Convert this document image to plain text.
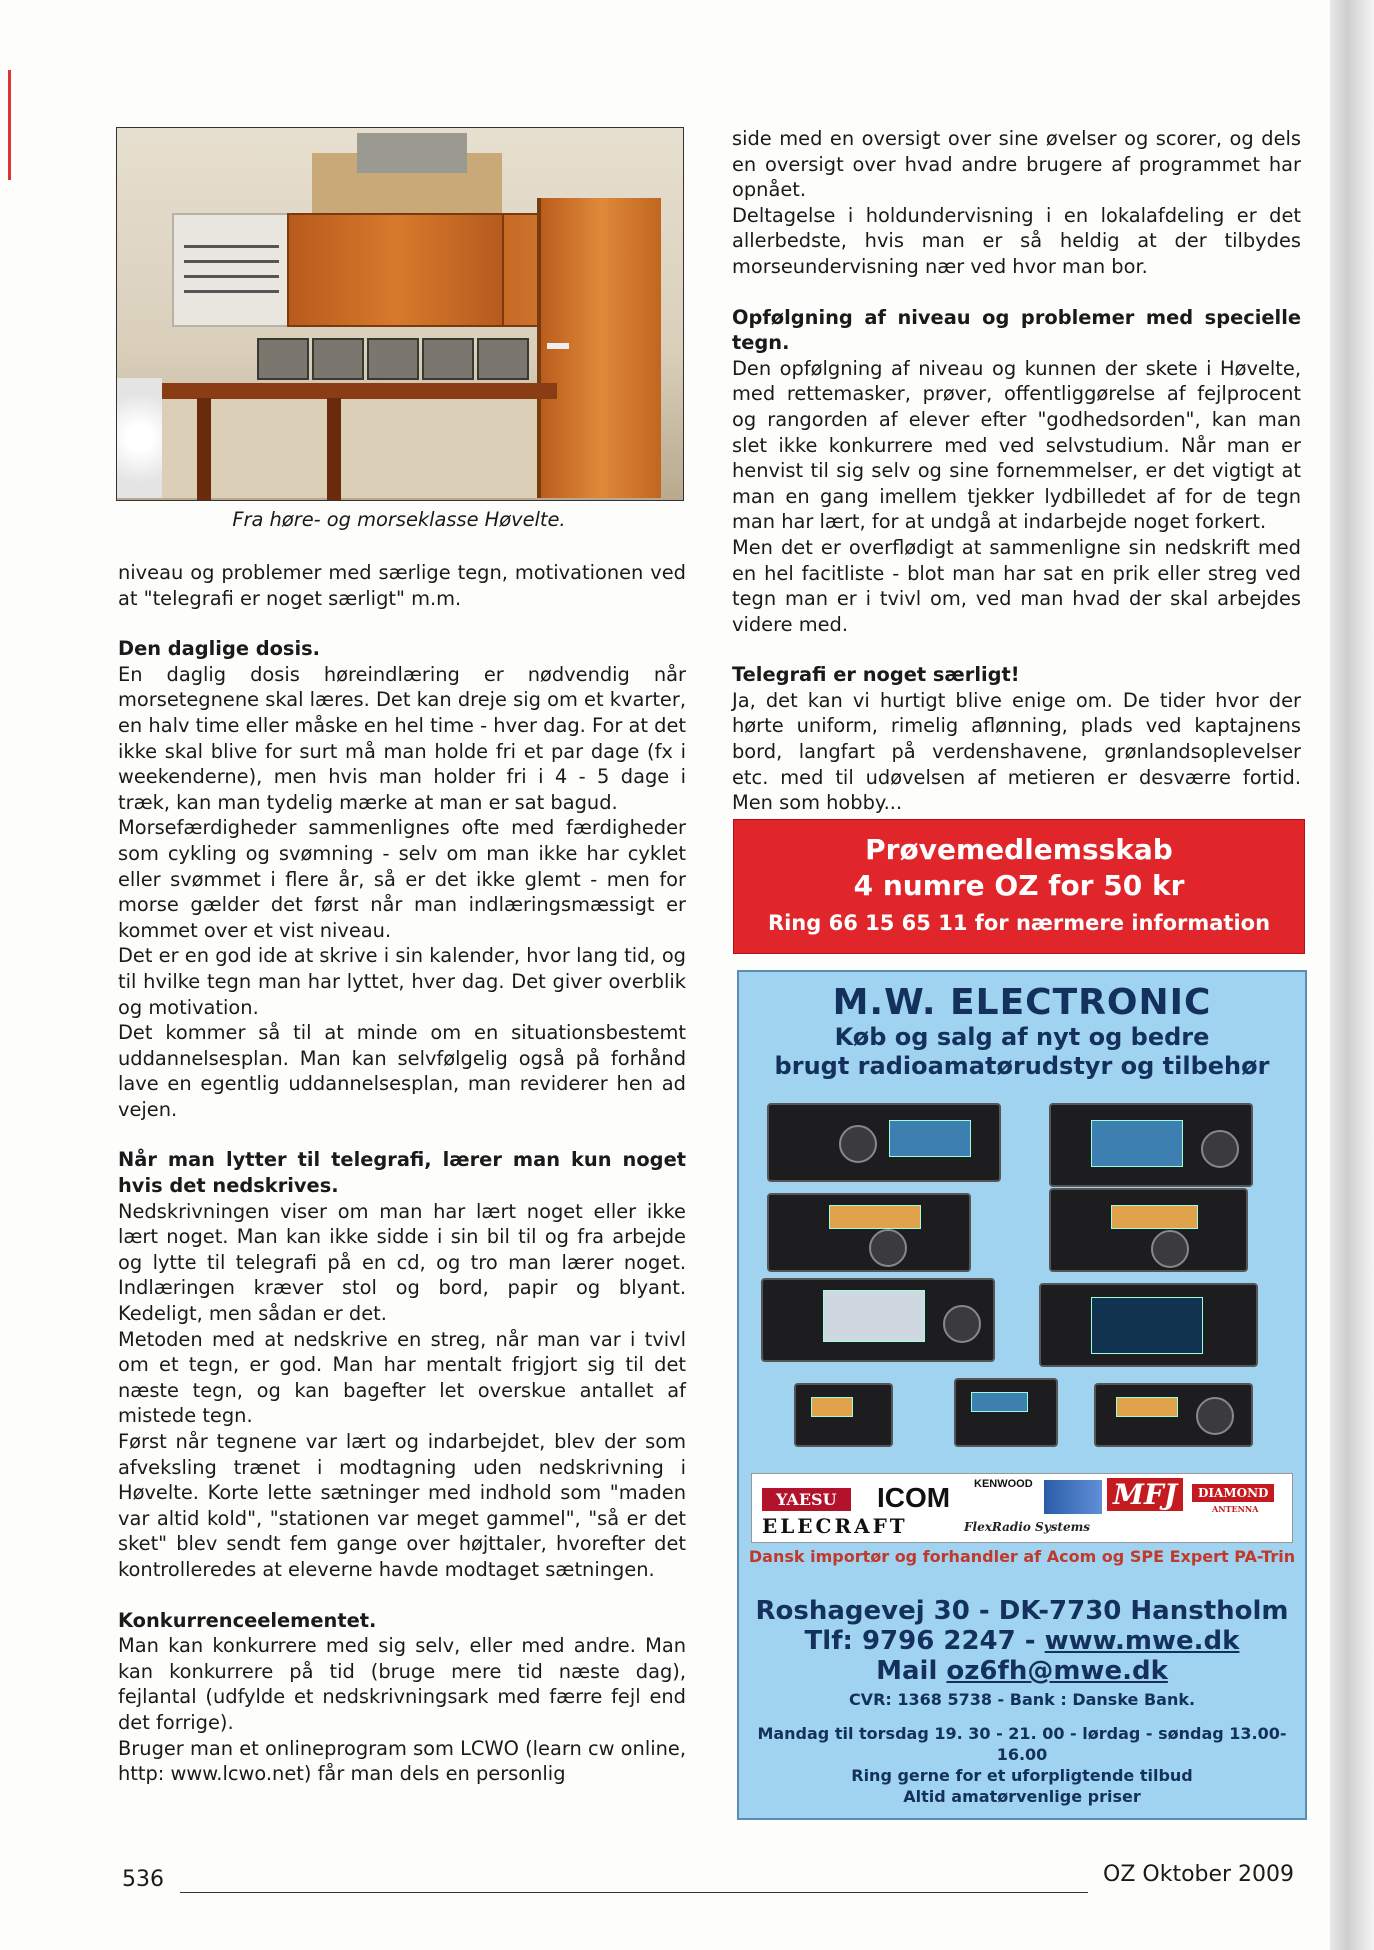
Fra høre- og morseklasse Høvelte.

niveau og problemer med særlige tegn, motivationen ved at "telegrafi er noget særligt" m.m.

Den daglige dosis.

En daglig dosis høreindlæring er nødvendig når morsetegnene skal læres. Det kan dreje sig om et kvarter, en halv time eller måske en hel time - hver dag. For at det ikke skal blive for surt må man holde fri et par dage (fx i weekenderne), men hvis man holder fri i 4 - 5 dage i træk, kan man tydelig mærke at man er sat bagud.

Morsefærdigheder sammenlignes ofte med færdigheder som cykling og svømning - selv om man ikke har cyklet eller svømmet i flere år, så er det ikke glemt - men for morse gælder det først når man indlæringsmæssigt er kommet over et vist niveau.

Det er en god ide at skrive i sin kalender, hvor lang tid, og til hvilke tegn man har lyttet, hver dag. Det giver overblik og motivation.

Det kommer så til at minde om en situationsbestemt uddannelsesplan. Man kan selvfølgelig også på forhånd lave en egentlig uddannelsesplan, man reviderer hen ad vejen.

Når man lytter til telegrafi, lærer man kun noget hvis det nedskrives.

Nedskrivningen viser om man har lært noget eller ikke lært noget. Man kan ikke sidde i sin bil til og fra arbejde og lytte til telegrafi på en cd, og tro man lærer noget. Indlæringen kræver stol og bord, papir og blyant. Kedeligt, men sådan er det.

Metoden med at nedskrive en streg, når man var i tvivl om et tegn, er god. Man har mentalt frigjort sig til det næste tegn, og kan bagefter let overskue antallet af mistede tegn.

Først når tegnene var lært og indarbejdet, blev der som afveksling trænet i modtagning uden nedskrivning i Høvelte. Korte lette sætninger med indhold som "maden var altid kold", "stationen var meget gammel", "så er det sket" blev sendt fem gange over højttaler, hvorefter det kontrolleredes at eleverne havde modtaget sætningen.

Konkurrenceelementet.

Man kan konkurrere med sig selv, eller med andre. Man kan konkurrere på tid (bruge mere tid næste dag), fejlantal (udfylde et nedskrivningsark med færre fejl end det forrige).

Bruger man et onlineprogram som LCWO (learn cw online, http: www.lcwo.net) får man dels en personlig

side med en oversigt over sine øvelser og scorer, og dels en oversigt over hvad andre brugere af programmet har opnået.

Deltagelse i holdundervisning i en lokalafdeling er det allerbedste, hvis man er så heldig at der tilbydes morseundervisning nær ved hvor man bor.

Opfølgning af niveau og problemer med specielle tegn.

Den opfølgning af niveau og kunnen der skete i Høvelte, med rettemasker, prøver, offentliggørelse af fejlprocent og rangorden af elever efter "godhedsorden", kan man slet ikke konkurrere med ved selvstudium. Når man er henvist til sig selv og sine fornemmelser, er det vigtigt at man en gang imellem tjekker lydbilledet af for de tegn man har lært, for at undgå at indarbejde noget forkert.

Men det er overflødigt at sammenligne sin nedskrift med en hel facitliste - blot man har sat en prik eller streg ved tegn man er i tvivl om, ved man hvad der skal arbejdes videre med.

Telegrafi er noget særligt!

Ja, det kan vi hurtigt blive enige om. De tider hvor der hørte uniform, rimelig aflønning, plads ved kaptajnens bord, langfart på verdenshavene, grønlandsoplevelser etc. med til udøvelsen af metieren er desværre fortid. Men som hobby...

Prøvemedlemsskab
4 numre OZ for 50 kr
Ring 66 15 65 11 for nærmere information
M.W. ELECTRONIC
Køb og salg af nyt og bedre
brugt radioamatørudstyr og tilbehør
YAESU	ICOM KENWOOD	MFJ	DIAMOND
ANTENNA
ELECRAFT	FlexRadio Systems
Dansk importør og forhandler af Acom og SPE Expert PA-Trin
Roshagevej 30 - DK-7730 Hanstholm
Tlf: 9796 2247 - www.mwe.dk
Mail oz6fh@mwe.dk
CVR: 1368 5738 - Bank : Danske Bank.
Mandag til torsdag 19. 30 - 21. 00 - lørdag - søndag 13.00-16.00
Ring gerne for et uforpligtende tilbud
Altid amatørvenlige priser
536	OZ Oktober 2009
